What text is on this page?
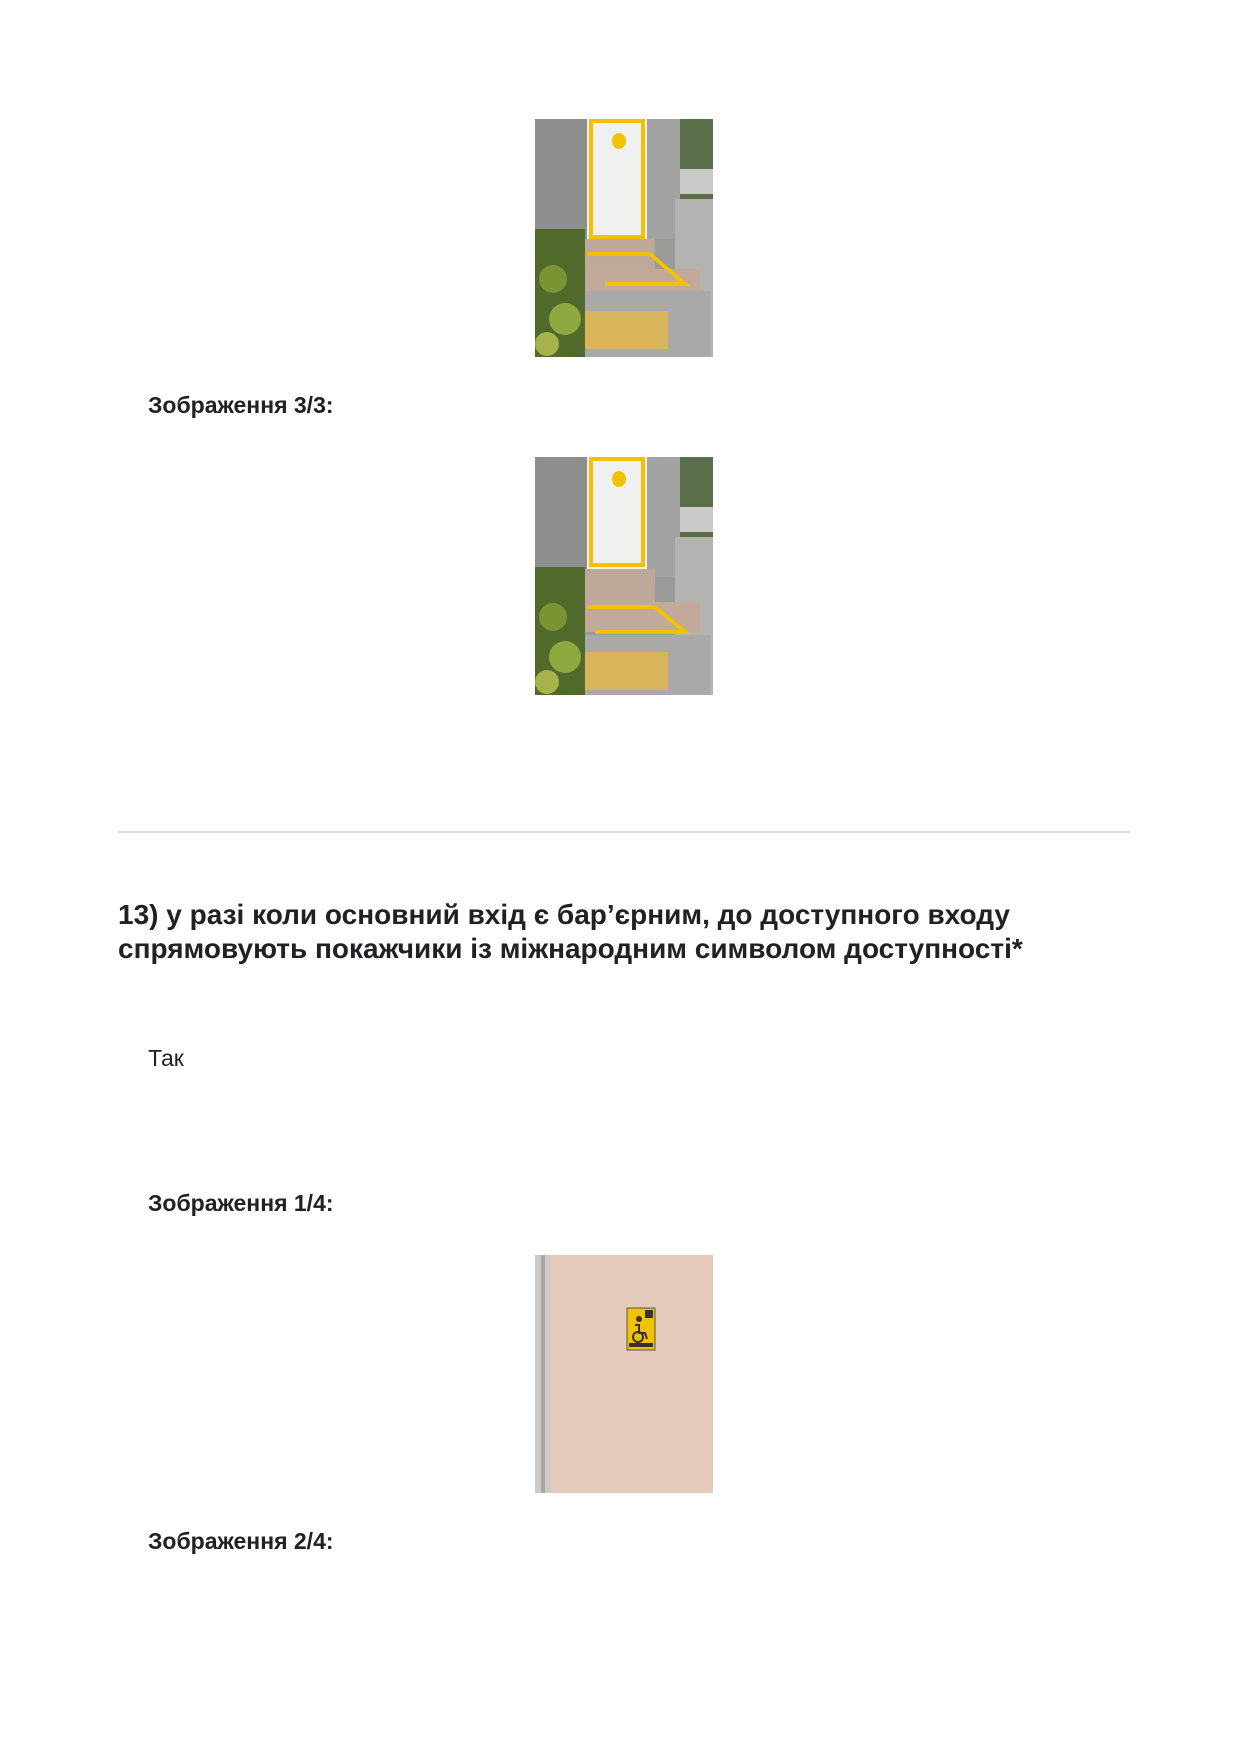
Зображення 3/3:
13) у разі коли основний вхід є бар’єрним, до доступного входу спрямовують покажчики із міжнародним символом доступності*
Так
Зображення 1/4:
Зображення 2/4:
